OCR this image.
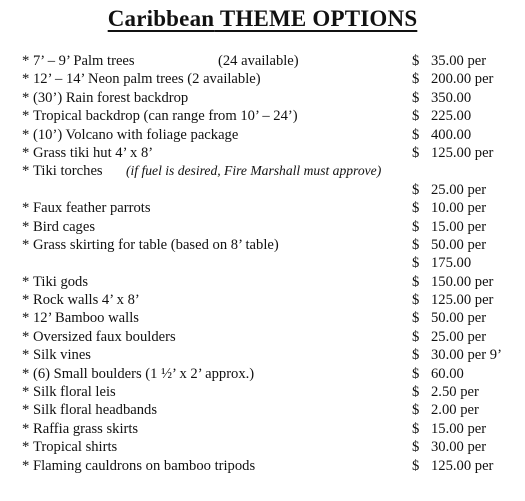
Caribbean THEME OPTIONS
* 7’ – 9’ Palm trees	(24 available)	$ 35.00 per
* 12’ – 14’ Neon palm trees (2 available)	$ 200.00 per
* (30’) Rain forest backdrop	$ 350.00
* Tropical backdrop (can range from 10’ – 24’)	$ 225.00
* (10’) Volcano with foliage package	$ 400.00
* Grass tiki hut 4’ x 8’	$ 125.00 per
* Tiki torches (if fuel is desired, Fire Marshall must approve)
$ 25.00 per
* Faux feather parrots	$ 10.00 per
* Bird cages	$ 15.00 per
* Grass skirting for table (based on 8’ table)	$ 50.00 per
$ 175.00
* Tiki gods	$ 150.00 per
* Rock walls 4’ x 8’	$ 125.00 per
* 12’ Bamboo walls	$ 50.00 per
* Oversized faux boulders	$ 25.00 per
* Silk vines	$ 30.00 per 9’
* (6) Small boulders (1 ½’ x 2’ approx.)	$ 60.00
* Silk floral leis	$ 2.50 per
* Silk floral headbands	$ 2.00 per
* Raffia grass skirts	$ 15.00 per
* Tropical shirts	$ 30.00 per
* Flaming cauldrons on bamboo tripods	$ 125.00 per
